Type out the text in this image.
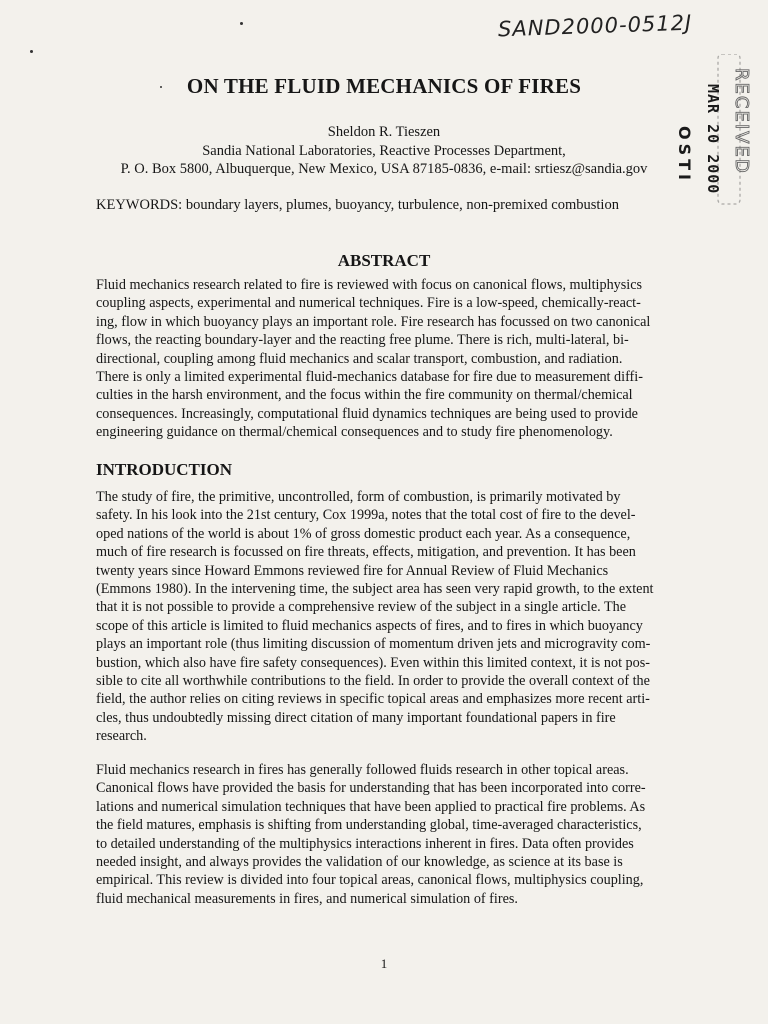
SAND2000-0512J
RECEIVED
MAR 20 2000
OSTI
ON THE FLUID MECHANICS OF FIRES
Sheldon R. Tieszen
Sandia National Laboratories, Reactive Processes Department,
P. O. Box 5800, Albuquerque, New Mexico, USA 87185-0836, e-mail: srtiesz@sandia.gov
KEYWORDS: boundary layers, plumes, buoyancy, turbulence, non-premixed combustion
ABSTRACT
Fluid mechanics research related to fire is reviewed with focus on canonical flows, multiphysics
coupling aspects, experimental and numerical techniques. Fire is a low-speed, chemically-react-
ing, flow in which buoyancy plays an important role. Fire research has focussed on two canonical
flows, the reacting boundary-layer and the reacting free plume. There is rich, multi-lateral, bi-
directional, coupling among fluid mechanics and scalar transport, combustion, and radiation.
There is only a limited experimental fluid-mechanics database for fire due to measurement diffi-
culties in the harsh environment, and the focus within the fire community on thermal/chemical
consequences. Increasingly, computational fluid dynamics techniques are being used to provide
engineering guidance on thermal/chemical consequences and to study fire phenomenology.
INTRODUCTION
The study of fire, the primitive, uncontrolled, form of combustion, is primarily motivated by
safety. In his look into the 21st century, Cox 1999a, notes that the total cost of fire to the devel-
oped nations of the world is about 1% of gross domestic product each year. As a consequence,
much of fire research is focussed on fire threats, effects, mitigation, and prevention. It has been
twenty years since Howard Emmons reviewed fire for Annual Review of Fluid Mechanics
(Emmons 1980). In the intervening time, the subject area has seen very rapid growth, to the extent
that it is not possible to provide a comprehensive review of the subject in a single article. The
scope of this article is limited to fluid mechanics aspects of fires, and to fires in which buoyancy
plays an important role (thus limiting discussion of momentum driven jets and microgravity com-
bustion, which also have fire safety consequences). Even within this limited context, it is not pos-
sible to cite all worthwhile contributions to the field. In order to provide the overall context of the
field, the author relies on citing reviews in specific topical areas and emphasizes more recent arti-
cles, thus undoubtedly missing direct citation of many important foundational papers in fire
research.
Fluid mechanics research in fires has generally followed fluids research in other topical areas.
Canonical flows have provided the basis for understanding that has been incorporated into corre-
lations and numerical simulation techniques that have been applied to practical fire problems. As
the field matures, emphasis is shifting from understanding global, time-averaged characteristics,
to detailed understanding of the multiphysics interactions inherent in fires. Data often provides
needed insight, and always provides the validation of our knowledge, as science at its base is
empirical. This review is divided into four topical areas, canonical flows, multiphysics coupling,
fluid mechanical measurements in fires, and numerical simulation of fires.
1
